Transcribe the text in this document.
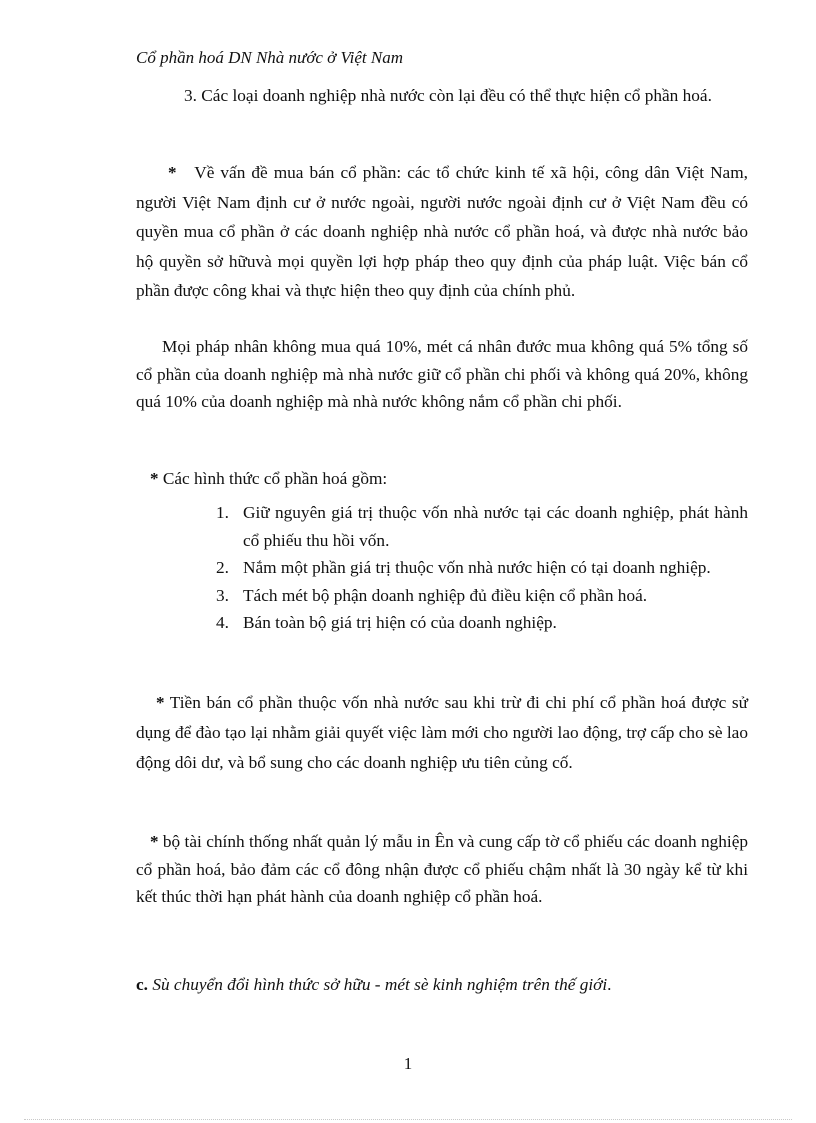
Cổ phần hoá DN Nhà nước ở Việt Nam

3. Các loại doanh nghiệp nhà nước còn lại đều có thể thực hiện cổ phần hoá.

* Về vấn đề mua bán cổ phần: các tổ chức kinh tế xã hội, công dân Việt Nam, người Việt Nam định cư ở nước ngoài, người nước ngoài định cư ở Việt Nam đều có quyền mua cổ phần ở các doanh nghiệp nhà nước cổ phần hoá, và được nhà nước bảo hộ quyền sở hữuvà mọi quyền lợi hợp pháp theo quy định của pháp luật. Việc bán cổ phần được công khai và thực hiện theo quy định của chính phủ.

Mọi pháp nhân không mua quá 10%, mét cá nhân đước mua không quá 5% tổng số cổ phần của doanh nghiệp mà nhà nước giữ cổ phần chi phối và không quá 20%, không quá 10% của doanh nghiệp mà nhà nước không nắm cổ phần chi phối.

* Các hình thức cổ phần hoá gồm:

1. Giữ nguyên giá trị thuộc vốn nhà nước tại các doanh nghiệp, phát hành cổ phiếu thu hồi vốn.
2. Nắm một phần giá trị thuộc vốn nhà nước hiện có tại doanh nghiệp.
3. Tách mét bộ phận doanh nghiệp đủ điều kiện cổ phần hoá.
4. Bán toàn bộ giá trị hiện có của doanh nghiệp.

* Tiền bán cổ phần thuộc vốn nhà nước sau khi trừ đi chi phí cổ phần hoá được sử dụng để đào tạo lại nhằm giải quyết việc làm mới cho người lao động, trợ cấp cho sè lao động dôi dư, và bổ sung cho các doanh nghiệp ưu tiên củng cố.

* bộ tài chính thống nhất quản lý mẫu in Ên và cung cấp tờ cổ phiếu các doanh nghiệp cổ phần hoá, bảo đảm các cổ đông nhận được cổ phiếu chậm nhất là 30 ngày kể từ khi kết thúc thời hạn phát hành của doanh nghiệp cổ phần hoá.

c. Sù chuyển đổi hình thức sở hữu - mét sè kinh nghiệm trên thế giới.
1
